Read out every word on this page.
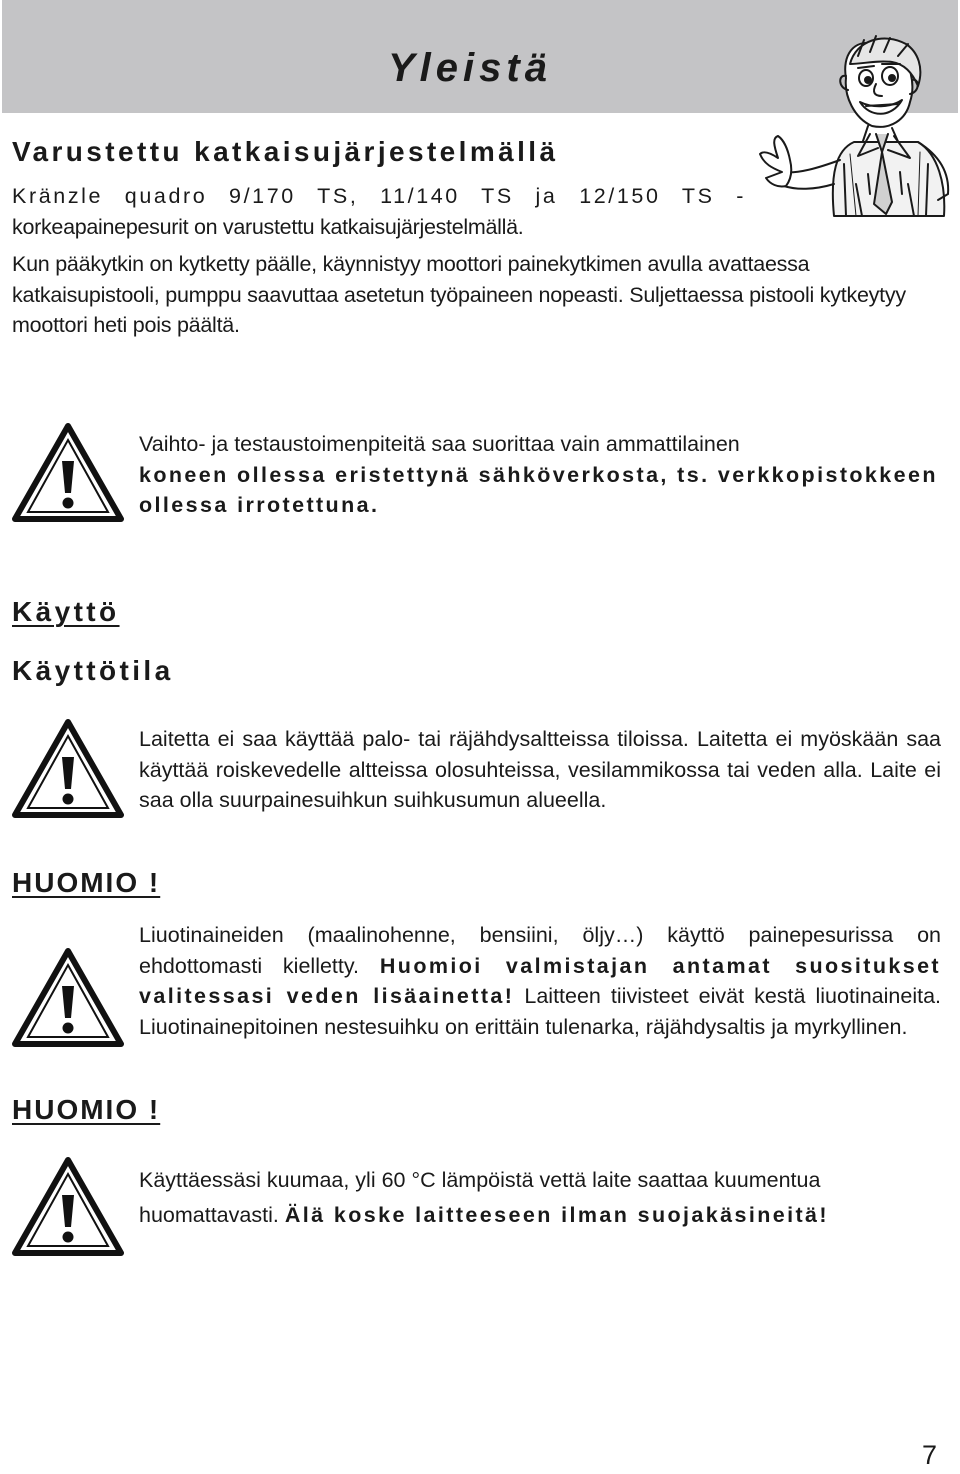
Yleistä
Varustettu katkaisujärjestelmällä

Kränzle quadro 9/170 TS, 11/140 TS ja 12/150 TS -

korkeapainepesurit on varustettu katkaisujärjestelmällä.

Kun pääkytkin on kytketty päälle, käynnistyy moottori painekytkimen avulla avattaessa katkaisupistooli, pumppu saavuttaa asetetun työpaineen nopeasti. Suljettaessa pistooli kytkeytyy moottori heti pois päältä.

Vaihto- ja testaustoimenpiteitä saa suorittaa vain ammattilainen
koneen ollessa eristettynä sähköverkosta, ts. verkkopistokkeen ollessa irrotettuna.

Käyttö
Käyttötila

Laitetta ei saa käyttää palo- tai räjähdysaltteissa tiloissa. Laitetta ei myöskään saa käyttää roiskevedelle altteissa olosuhteissa, vesilammikossa tai veden alla. Laite ei saa olla suurpainesuihkun suihkusumun alueella.

HUOMIO !

Liuotinaineiden (maalinohenne, bensiini, öljy…) käyttö painepesurissa on ehdottomasti kielletty. Huomioi valmistajan antamat suositukset valitessasi veden lisäainetta! Laitteen tiivisteet eivät kestä liuotinaineita. Liuotinainepitoinen nestesuihku on erittäin tulenarka, räjähdysaltis ja myrkyllinen.

HUOMIO !

Käyttäessäsi kuumaa, yli 60 °C lämpöistä vettä laite saattaa kuumentua
huomattavasti. Älä koske laitteeseen ilman suojakäsineitä!

7
